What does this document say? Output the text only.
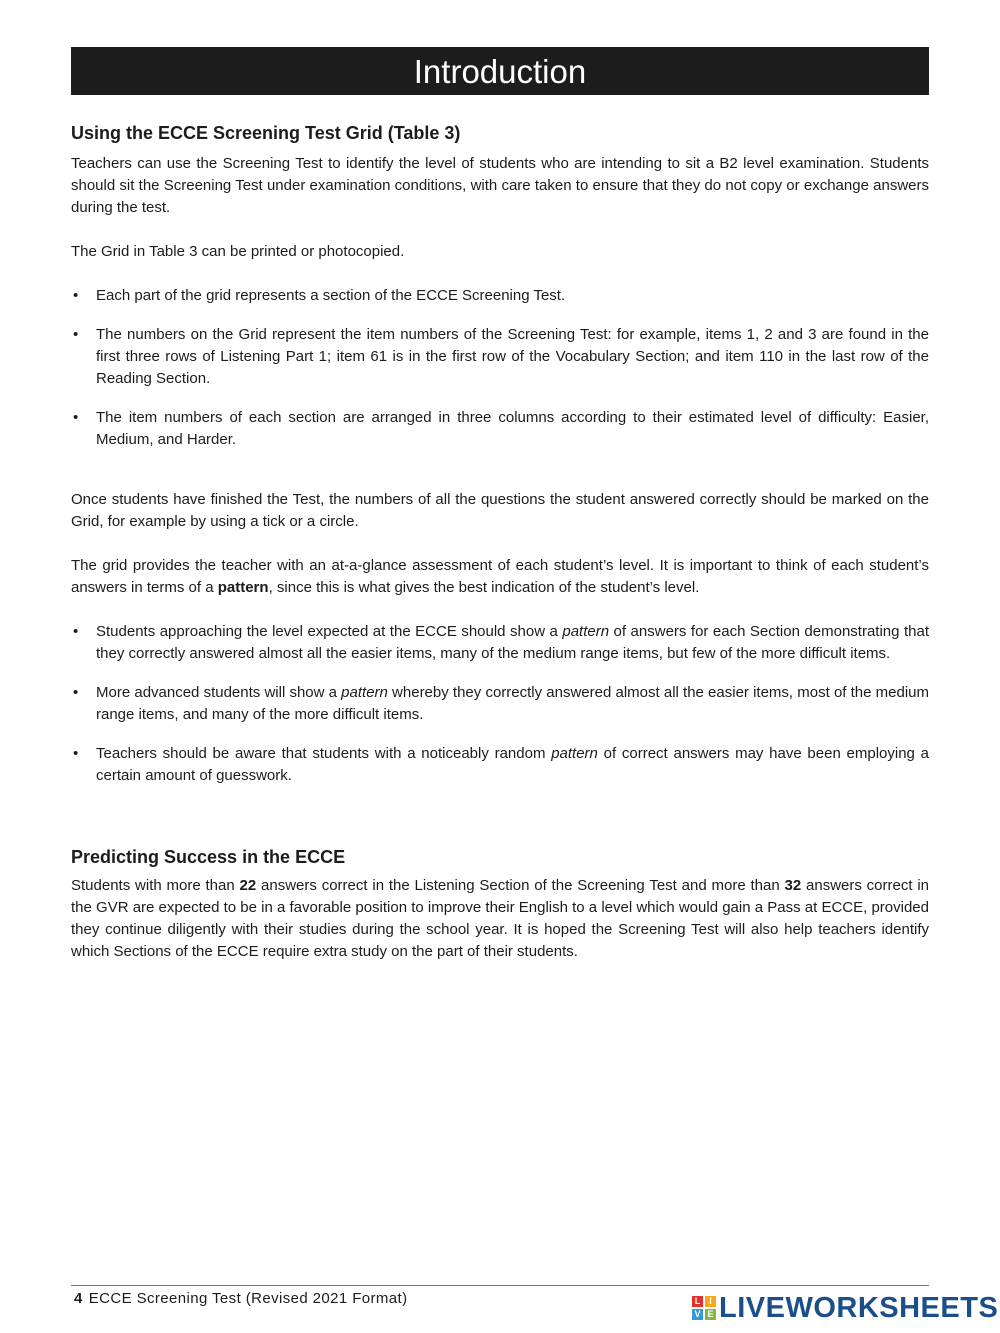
Introduction
Using the ECCE Screening Test Grid (Table 3)

Teachers can use the Screening Test to identify the level of students who are intending to sit a B2 level examination. Students should sit the Screening Test under examination conditions, with care taken to ensure that they do not copy or exchange answers during the test.

The Grid in Table 3 can be printed or photocopied.

• Each part of the grid represents a section of the ECCE Screening Test.
• The numbers on the Grid represent the item numbers of the Screening Test: for example, items 1, 2 and 3 are found in the first three rows of Listening Part 1; item 61 is in the first row of the Vocabulary Section; and item 110 in the last row of the Reading Section.
• The item numbers of each section are arranged in three columns according to their estimated level of difficulty: Easier, Medium, and Harder.

Once students have finished the Test, the numbers of all the questions the student answered correctly should be marked on the Grid, for example by using a tick or a circle.

The grid provides the teacher with an at-a-glance assessment of each student’s level. It is important to think of each student’s answers in terms of a pattern, since this is what gives the best indication of the student’s level.

• Students approaching the level expected at the ECCE should show a pattern of answers for each Section demonstrating that they correctly answered almost all the easier items, many of the medium range items, but few of the more difficult items.
• More advanced students will show a pattern whereby they correctly answered almost all the easier items, most of the medium range items, and many of the more difficult items.
• Teachers should be aware that students with a noticeably random pattern of correct answers may have been employing a certain amount of guesswork.
Predicting Success in the ECCE

Students with more than 22 answers correct in the Listening Section of the Screening Test and more than 32 answers correct in the GVR are expected to be in a favorable position to improve their English to a level which would gain a Pass at ECCE, provided they continue diligently with their studies during the school year. It is hoped the Screening Test will also help teachers identify which Sections of the ECCE require extra study on the part of their students.

4 ECCE Screening Test (Revised 2021 Format)	L I
V E LIVEWORKSHEETS
